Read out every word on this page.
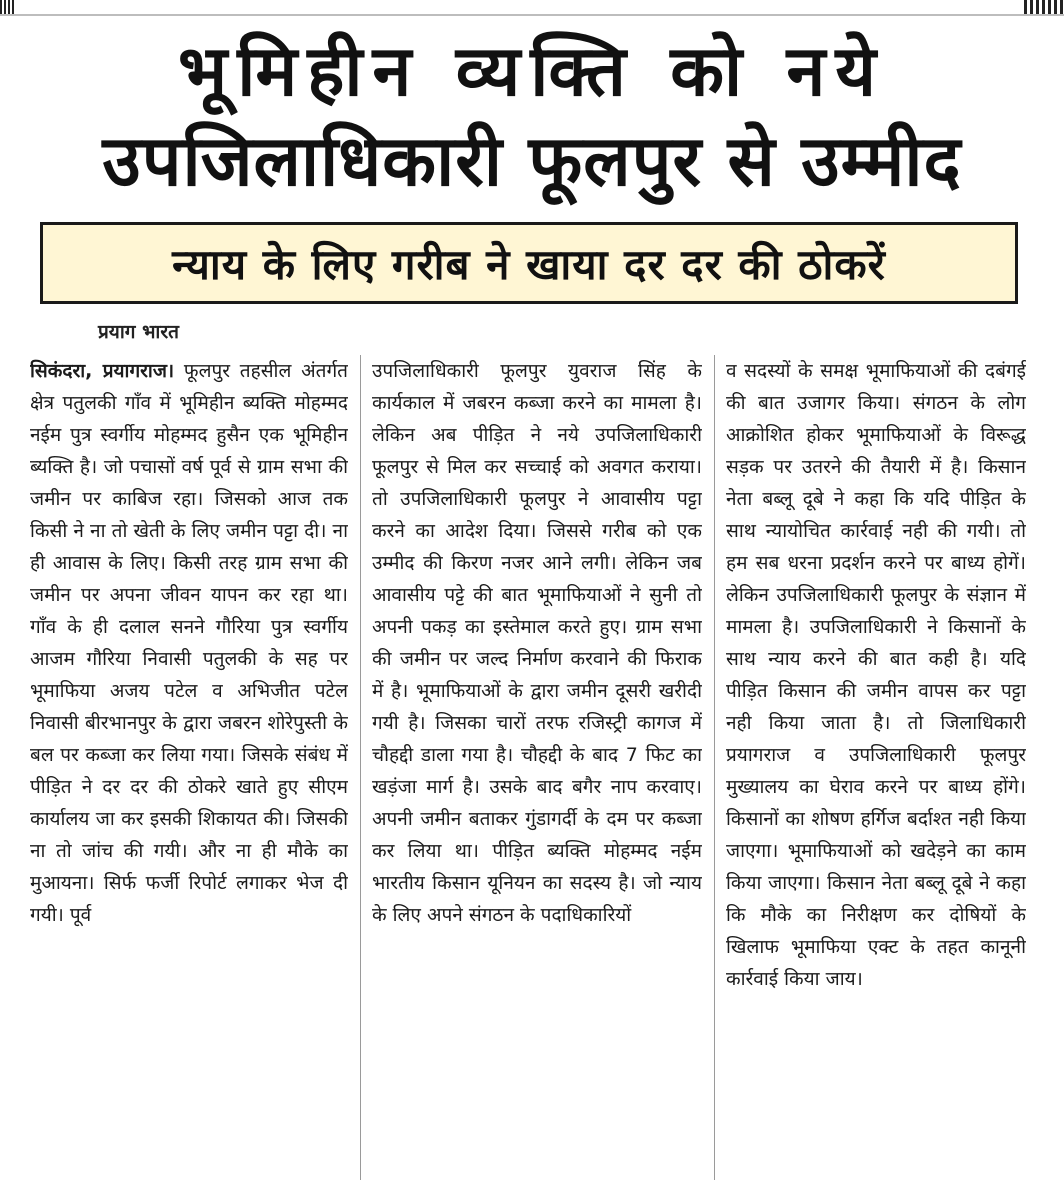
भूमिहीन व्यक्ति को नये
उपजिलाधिकारी फूलपुर से उम्मीद
न्याय के लिए गरीब ने खाया दर दर की ठोकरें
प्रयाग भारत
सिकंदरा, प्रयागराज। फूलपुर तहसील अंतर्गत क्षेत्र पतुलकी गाँव में भूमिहीन ब्यक्ति मोहम्मद नईम पुत्र स्वर्गीय मोहम्मद हुसैन एक भूमिहीन ब्यक्ति है। जो पचासों वर्ष पूर्व से ग्राम सभा की जमीन पर काबिज रहा। जिसको आज तक किसी ने ना तो खेती के लिए जमीन पट्टा दी। ना ही आवास के लिए। किसी तरह ग्राम सभा की जमीन पर अपना जीवन यापन कर रहा था। गाँव के ही दलाल सनने गौरिया पुत्र स्वर्गीय आजम गौरिया निवासी पतुलकी के सह पर भूमाफिया अजय पटेल व अभिजीत पटेल निवासी बीरभानपुर के द्वारा जबरन शोरेपुस्ती के बल पर कब्जा कर लिया गया। जिसके संबंध में पीड़ित ने दर दर की ठोकरे खाते हुए सीएम कार्यालय जा कर इसकी शिकायत की। जिसकी ना तो जांच की गयी। और ना ही मौके का मुआयना। सिर्फ फर्जी रिपोर्ट लगाकर भेज दी गयी। पूर्व
उपजिलाधिकारी फूलपुर युवराज सिंह के कार्यकाल में जबरन कब्जा करने का मामला है। लेकिन अब पीड़ित ने नये उपजिलाधिकारी फूलपुर से मिल कर सच्चाई को अवगत कराया। तो उपजिलाधिकारी फूलपुर ने आवासीय पट्टा करने का आदेश दिया। जिससे गरीब को एक उम्मीद की किरण नजर आने लगी। लेकिन जब आवासीय पट्टे की बात भूमाफियाओं ने सुनी तो अपनी पकड़ का इस्तेमाल करते हुए। ग्राम सभा की जमीन पर जल्द निर्माण करवाने की फिराक में है। भूमाफियाओं के द्वारा जमीन दूसरी खरीदी गयी है। जिसका चारों तरफ रजिस्ट्री कागज में चौहद्दी डाला गया है। चौहद्दी के बाद 7 फिट का खड़ंजा मार्ग है। उसके बाद बगैर नाप करवाए। अपनी जमीन बताकर गुंडागर्दी के दम पर कब्जा कर लिया था। पीड़ित ब्यक्ति मोहम्मद नईम भारतीय किसान यूनियन का सदस्य है। जो न्याय के लिए अपने संगठन के पदाधिकारियों
व सदस्यों के समक्ष भूमाफियाओं की दबंगई की बात उजागर किया। संगठन के लोग आक्रोशित होकर भूमाफियाओं के विरूद्ध सड़क पर उतरने की तैयारी में है। किसान नेता बब्लू दूबे ने कहा कि यदि पीड़ित के साथ न्यायोचित कार्रवाई नही की गयी। तो हम सब धरना प्रदर्शन करने पर बाध्य होगें। लेकिन उपजिलाधिकारी फूलपुर के संज्ञान में मामला है। उपजिलाधिकारी ने किसानों के साथ न्याय करने की बात कही है। यदि पीड़ित किसान की जमीन वापस कर पट्टा नही किया जाता है। तो जिलाधिकारी प्रयागराज व उपजिलाधिकारी फूलपुर मुख्यालय का घेराव करने पर बाध्य होंगे। किसानों का शोषण हर्गिज बर्दाश्त नही किया जाएगा। भूमाफियाओं को खदेड़ने का काम किया जाएगा। किसान नेता बब्लू दूबे ने कहा कि मौके का निरीक्षण कर दोषियों के खिलाफ भूमाफिया एक्ट के तहत कानूनी कार्रवाई किया जाय।
